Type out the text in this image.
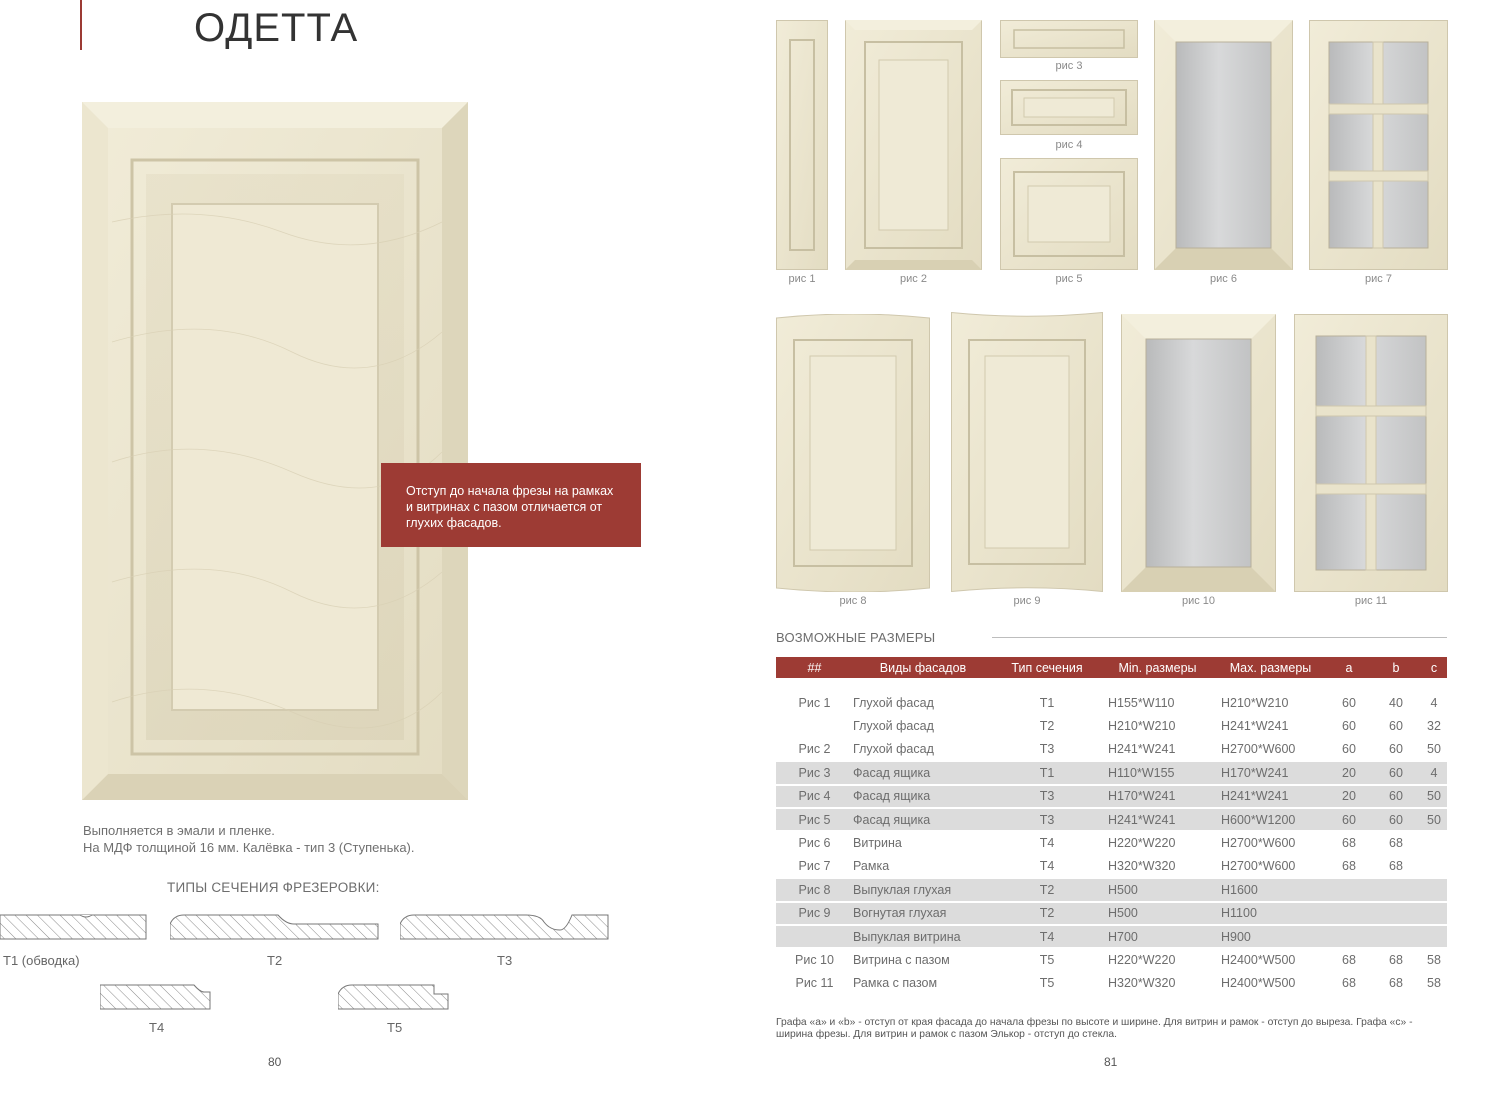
ОДЕТТА
Отступ до начала фрезы на рамках и витринах с пазом отличается от глухих фасадов.
Выполняется в эмали и пленке.
На МДФ толщиной 16 мм. Калёвка - тип 3 (Ступенька).
ТИПЫ СЕЧЕНИЯ ФРЕЗЕРОВКИ:
T1 (обводка)	T2	T3
T4	T5
80
рис 1	рис 2
рис 3
рис 4
рис 5	рис 6	рис 7
рис 8	рис 9	рис 10	рис 11
ВОЗМОЖНЫЕ РАЗМЕРЫ
##	Виды фасадов	Тип сечения	Min. размеры	Max. размеры	a	b	c

Рис 1	Глухой фасад	T1	H155*W110	H210*W210	60	40	4
	Глухой фасад	T2	H210*W210	H241*W241	60	60	32
Рис 2	Глухой фасад	T3	H241*W241	H2700*W600	60	60	50
Рис 3	Фасад ящика	T1	H110*W155	H170*W241	20	60	4
Рис 4	Фасад ящика	T3	H170*W241	H241*W241	20	60	50
Рис 5	Фасад ящика	T3	H241*W241	H600*W1200	60	60	50
Рис 6	Витрина	T4	H220*W220	H2700*W600	68	68	
Рис 7	Рамка	T4	H320*W320	H2700*W600	68	68	
Рис 8	Выпуклая глухая	T2	H500	H1600			
Рис 9	Вогнутая глухая	T2	H500	H1100			
	Выпуклая витрина	T4	H700	H900			
Рис 10	Витрина с пазом	T5	H220*W220	H2400*W500	68	68	58
Рис 11	Рамка с пазом	T5	H320*W320	H2400*W500	68	68	58
Графа «a» и «b» - отступ от края фасада до начала фрезы по высоте и ширине. Для витрин и рамок - отступ до выреза. Графа «c» - ширина фрезы. Для витрин и рамок с пазом Элькор - отступ до стекла.
81
